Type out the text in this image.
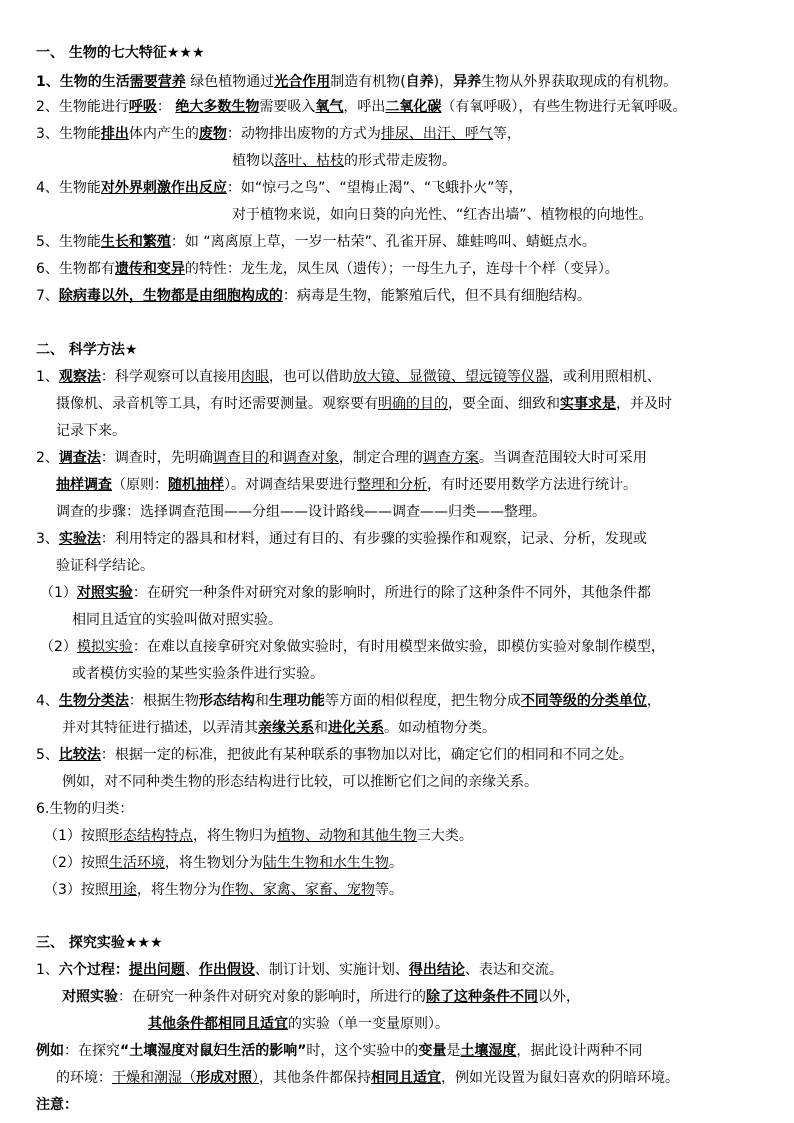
一、 生物的七大特征★★★
1、生物的生活需要营养 绿色植物通过光合作用制造有机物(自养)，异养生物从外界获取现成的有机物。
2、生物能进行呼吸： 绝大多数生物需要吸入氧气，呼出二氧化碳（有氧呼吸），有些生物进行无氧呼吸。
3、生物能排出体内产生的废物：动物排出废物的方式为排尿、出汗、呼气等，
植物以落叶、枯枝的形式带走废物。
4、生物能对外界刺激作出反应：如“惊弓之鸟”、“望梅止渴”、“飞蛾扑火”等，
对于植物来说，如向日葵的向光性、“红杏出墙”、植物根的向地性。
5、生物能生长和繁殖：如 “离离原上草，一岁一枯荣”、孔雀开屏、雄蛙鸣叫、蜻蜓点水。
6、生物都有遗传和变异的特性：龙生龙，凤生凤（遗传）；一母生九子，连母十个样（变异）。
7、除病毒以外，生物都是由细胞构成的：病毒是生物，能繁殖后代，但不具有细胞结构。
二、 科学方法★
1、观察法：科学观察可以直接用肉眼，也可以借助放大镜、显微镜、望远镜等仪器，或利用照相机、
摄像机、录音机等工具，有时还需要测量。观察要有明确的目的，要全面、细致和实事求是，并及时
记录下来。
2、调查法：调查时，先明确调查目的和调查对象，制定合理的调查方案。当调查范围较大时可采用
抽样调查（原则：随机抽样）。对调查结果要进行整理和分析，有时还要用数学方法进行统计。
调查的步骤：选择调查范围——分组——设计路线——调查——归类——整理。
3、实验法：利用特定的器具和材料，通过有目的、有步骤的实验操作和观察，记录、分析，发现或
验证科学结论。
（1）对照实验：在研究一种条件对研究对象的影响时，所进行的除了这种条件不同外，其他条件都
相同且适宜的实验叫做对照实验。
（2）模拟实验：在难以直接拿研究对象做实验时，有时用模型来做实验，即模仿实验对象制作模型，
或者模仿实验的某些实验条件进行实验。
4、生物分类法：根据生物形态结构和生理功能等方面的相似程度，把生物分成不同等级的分类单位，
并对其特征进行描述，以弄清其亲缘关系和进化关系。如动植物分类。
5、比较法：根据一定的标准，把彼此有某种联系的事物加以对比，确定它们的相同和不同之处。
例如，对不同种类生物的形态结构进行比较，可以推断它们之间的亲缘关系。
6.生物的归类：
（1）按照形态结构特点，将生物归为植物、动物和其他生物三大类。
（2）按照生活环境，将生物划分为陆生生物和水生生物。
（3）按照用途，将生物分为作物、家禽、家畜、宠物等。
三、 探究实验★★★
1、六个过程：提出问题、作出假设、制订计划、实施计划、得出结论、表达和交流。
对照实验：在研究一种条件对研究对象的影响时，所进行的除了这种条件不同以外，
其他条件都相同且适宜的实验（单一变量原则）。
例如：在探究“土壤湿度对鼠妇生活的影响”时，这个实验中的变量是土壤湿度，据此设计两种不同
的环境：干燥和潮湿（形成对照），其他条件都保持相同且适宜，例如光设置为鼠妇喜欢的阴暗环境。
注意：
